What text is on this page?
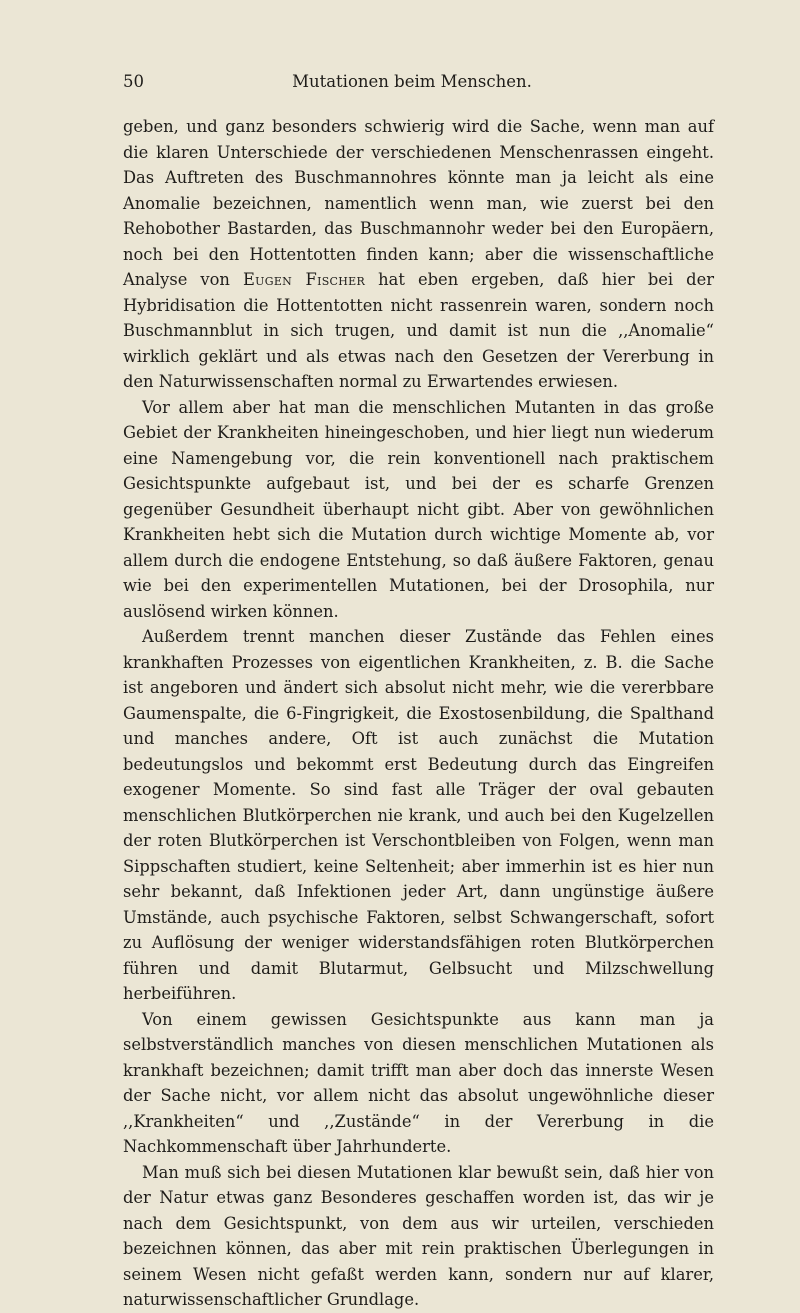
50	Mutationen beim Menschen.

geben, und ganz besonders schwierig wird die Sache, wenn man auf die klaren Unterschiede der verschiedenen Menschenrassen eingeht. Das Auftreten des Buschmannohres könnte man ja leicht als eine Anomalie bezeichnen, namentlich wenn man, wie zuerst bei den Rehobother Bastarden, das Buschmannohr weder bei den Europäern, noch bei den Hottentotten finden kann; aber die wissenschaftliche Analyse von Eugen Fischer hat eben ergeben, daß hier bei der Hybridisation die Hottentotten nicht rassenrein waren, sondern noch Buschmannblut in sich trugen, und damit ist nun die ,,Anomalie“ wirklich geklärt und als etwas nach den Gesetzen der Vererbung in den Naturwissenschaften normal zu Erwartendes erwiesen.

Vor allem aber hat man die menschlichen Mutanten in das große Gebiet der Krankheiten hineingeschoben, und hier liegt nun wiederum eine Namengebung vor, die rein konventionell nach praktischem Gesichtspunkte aufgebaut ist, und bei der es scharfe Grenzen gegenüber Gesundheit überhaupt nicht gibt. Aber von gewöhnlichen Krankheiten hebt sich die Mutation durch wichtige Momente ab, vor allem durch die endogene Entstehung, so daß äußere Faktoren, genau wie bei den experimentellen Mutationen, bei der Drosophila, nur auslösend wirken können.

Außerdem trennt manchen dieser Zustände das Fehlen eines krankhaften Prozesses von eigentlichen Krankheiten, z. B. die Sache ist angeboren und ändert sich absolut nicht mehr, wie die vererbbare Gaumenspalte, die 6-Fingrigkeit, die Exostosenbildung, die Spalthand und manches andere, Oft ist auch zunächst die Mutation bedeutungslos und bekommt erst Bedeutung durch das Eingreifen exogener Momente. So sind fast alle Träger der oval gebauten menschlichen Blutkörperchen nie krank, und auch bei den Kugelzellen der roten Blutkörperchen ist Verschontbleiben von Folgen, wenn man Sippschaften studiert, keine Seltenheit; aber immerhin ist es hier nun sehr bekannt, daß Infektionen jeder Art, dann ungünstige äußere Umstände, auch psychische Faktoren, selbst Schwangerschaft, sofort zu Auflösung der weniger widerstandsfähigen roten Blutkörperchen führen und damit Blutarmut, Gelbsucht und Milzschwellung herbeiführen.

Von einem gewissen Gesichtspunkte aus kann man ja selbstverständlich manches von diesen menschlichen Mutationen als krankhaft bezeichnen; damit trifft man aber doch das innerste Wesen der Sache nicht, vor allem nicht das absolut ungewöhnliche dieser ,,Krankheiten“ und ,,Zustände“ in der Vererbung in die Nachkommenschaft über Jahrhunderte.

Man muß sich bei diesen Mutationen klar bewußt sein, daß hier von der Natur etwas ganz Besonderes geschaffen worden ist, das wir je nach dem Gesichtspunkt, von dem aus wir urteilen, verschieden bezeichnen können, das aber mit rein praktischen Überlegungen in seinem Wesen nicht gefaßt werden kann, sondern nur auf klarer, naturwissenschaftlicher Grundlage.
